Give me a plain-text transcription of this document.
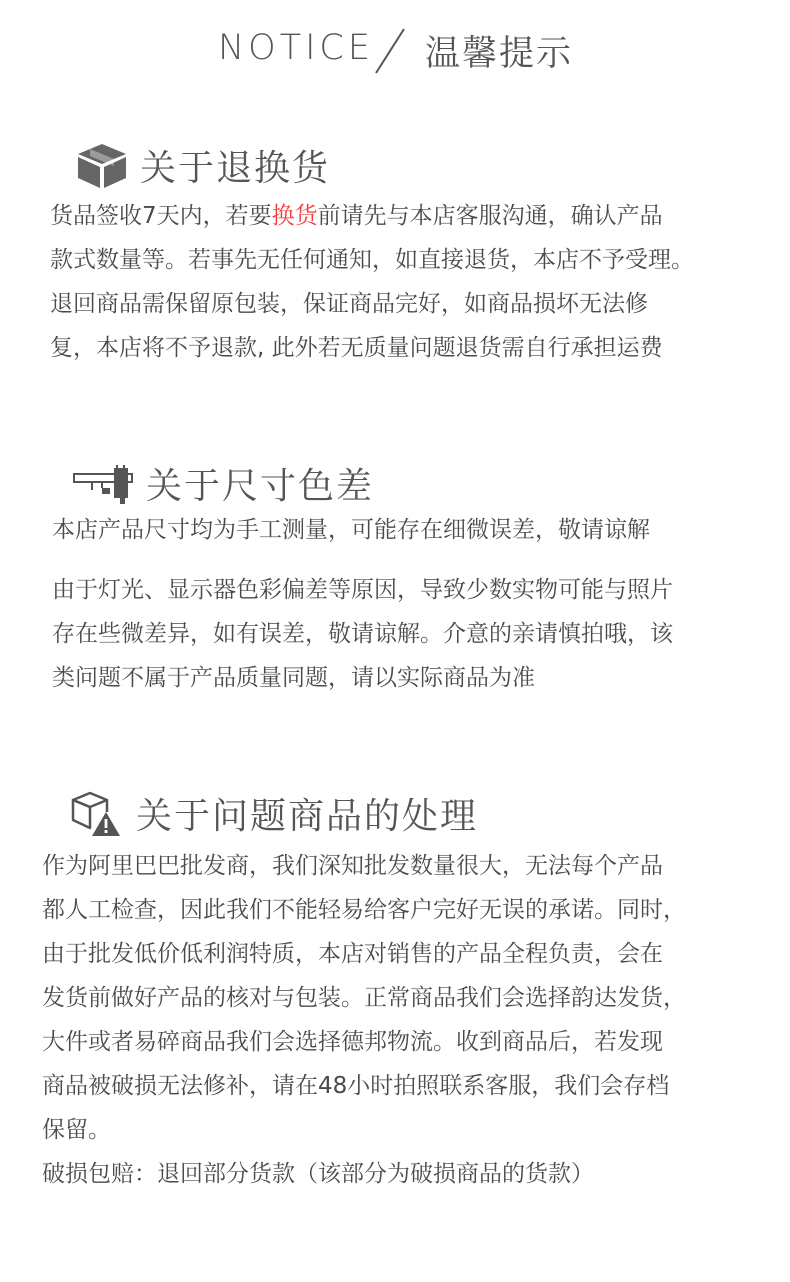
NOTICE 温馨提示
关于退换货

货品签收7天内，若要换货前请先与本店客服沟通，确认产品
款式数量等。若事先无任何通知，如直接退货，本店不予受理。
退回商品需保留原包装，保证商品完好，如商品损坏无法修
复，本店将不予退款, 此外若无质量问题退货需自行承担运费

关于尺寸色差

本店产品尺寸均为手工测量，可能存在细微误差，敬请谅解

由于灯光、显示器色彩偏差等原因，导致少数实物可能与照片
存在些微差异，如有误差，敬请谅解。介意的亲请慎拍哦，该
类问题不属于产品质量同题，请以实际商品为准

关于问题商品的处理

作为阿里巴巴批发商，我们深知批发数量很大，无法每个产品
都人工检查，因此我们不能轻易给客户完好无误的承诺。同时，
由于批发低价低利润特质，本店对销售的产品全程负责，会在
发货前做好产品的核对与包装。正常商品我们会选择韵达发货，
大件或者易碎商品我们会选择德邦物流。收到商品后，若发现
商品被破损无法修补，请在48小时拍照联系客服，我们会存档
保留。
破损包赔：退回部分货款（该部分为破损商品的货款）
